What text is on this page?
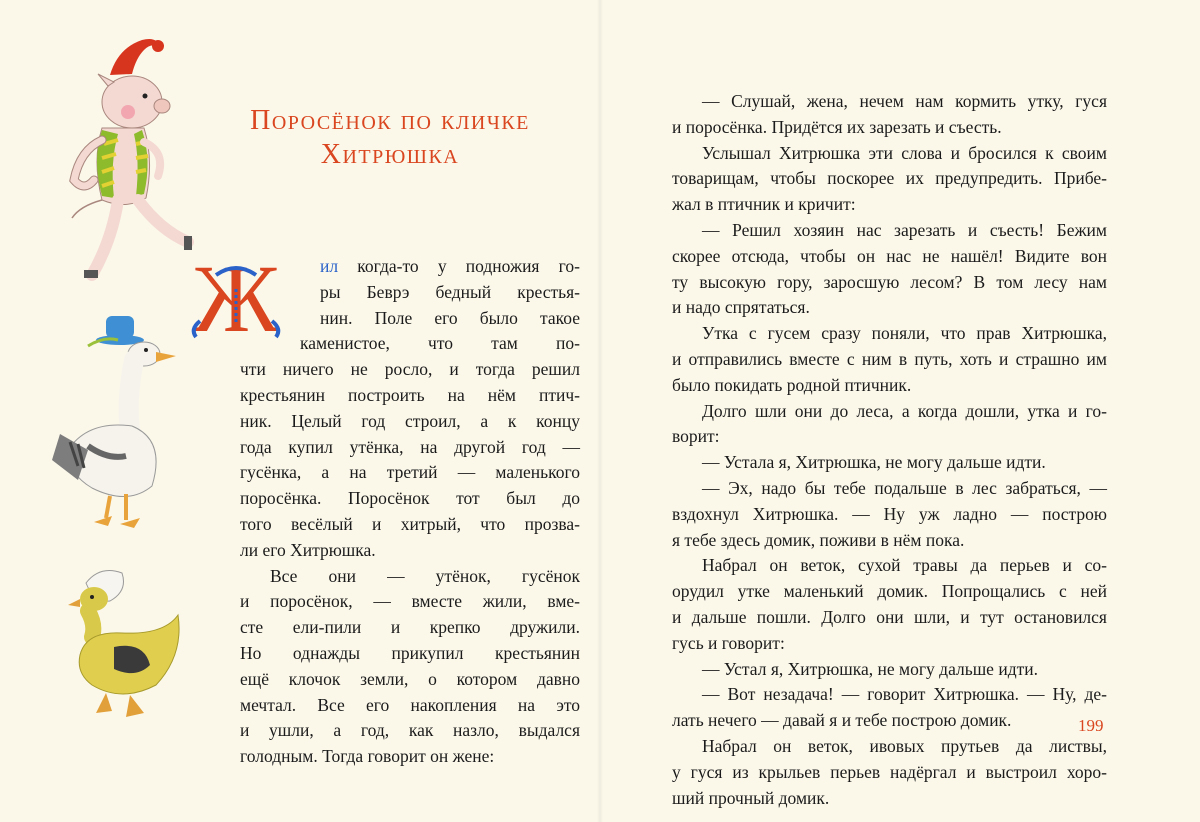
Поросёнок по кличке
Хитрюшка
Ж	ил когда-то у подножия го-
ры Беврэ бедный крестья-
нин. Поле его было такое
каменистое, что там по-
чти ничего не росло, и тогда решил
крестьянин построить на нём птич-
ник. Целый год строил, а к концу
года купил утёнка, на другой год —
гусёнка, а на третий — маленького
поросёнка. Поросёнок тот был до
того весёлый и хитрый, что прозва-
ли его Хитрюшка.
Все они — утёнок, гусёнок
и поросёнок, — вместе жили, вме-
сте ели-пили и крепко дружили.
Но однажды прикупил крестьянин
ещё клочок земли, о котором давно
мечтал. Все его накопления на это
и ушли, а год, как назло, выдался
голодным. Тогда говорит он жене:
— Слушай, жена, нечем нам кормить утку, гуся
и поросёнка. Придётся их зарезать и съесть.
Услышал Хитрюшка эти слова и бросился к своим
товарищам, чтобы поскорее их предупредить. Прибе-
жал в птичник и кричит:
— Решил хозяин нас зарезать и съесть! Бежим
скорее отсюда, чтобы он нас не нашёл! Видите вон
ту высокую гору, заросшую лесом? В том лесу нам
и надо спрятаться.
Утка с гусем сразу поняли, что прав Хитрюшка,
и отправились вместе с ним в путь, хоть и страшно им
было покидать родной птичник.
Долго шли они до леса, а когда дошли, утка и го-
ворит:
— Устала я, Хитрюшка, не могу дальше идти.
— Эх, надо бы тебе подальше в лес забраться, —
вздохнул Хитрюшка. — Ну уж ладно — построю
я тебе здесь домик, поживи в нём пока.
Набрал он веток, сухой травы да перьев и со-
орудил утке маленький домик. Попрощались с ней
и дальше пошли. Долго они шли, и тут остановился
гусь и говорит:
— Устал я, Хитрюшка, не могу дальше идти.
— Вот незадача! — говорит Хитрюшка. — Ну, де-
лать нечего — давай я и тебе построю домик.
Набрал он веток, ивовых прутьев да листвы,
у гуся из крыльев перьев надёргал и выстроил хоро-
ший прочный домик.
199
